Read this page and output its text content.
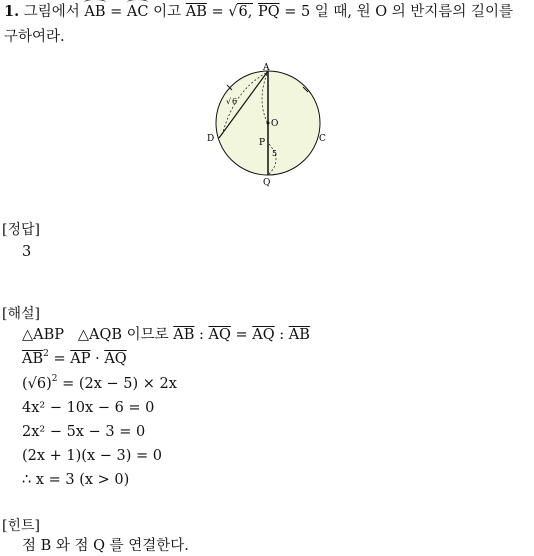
1. 그림에서 AB = AC 이고 $\overline{AB} = √6$, $\overline{PQ} = 5$ 일 때, 원 O 의 반지름의 길이를
구하여라.
A
D	C
O
P
Q
5
√ 6
[정답]
3
[해설]
△ABP △AQB 이므로 $\overline{AB}$ : $\overline{AQ} = \overline{AQ}$ : $\overline{AB}$
$\overline{AB}^2 = \overline{AP} \cdot \overline{AQ}$
$(√6)^2 = (2x - 5) \times 2x$
4x² − 10x − 6 = 0
2x² − 5x − 3 = 0
(2x + 1)(x − 3) = 0
∴ x = 3 (x > 0)
[힌트]
점 B 와 점 Q 를 연결한다.
